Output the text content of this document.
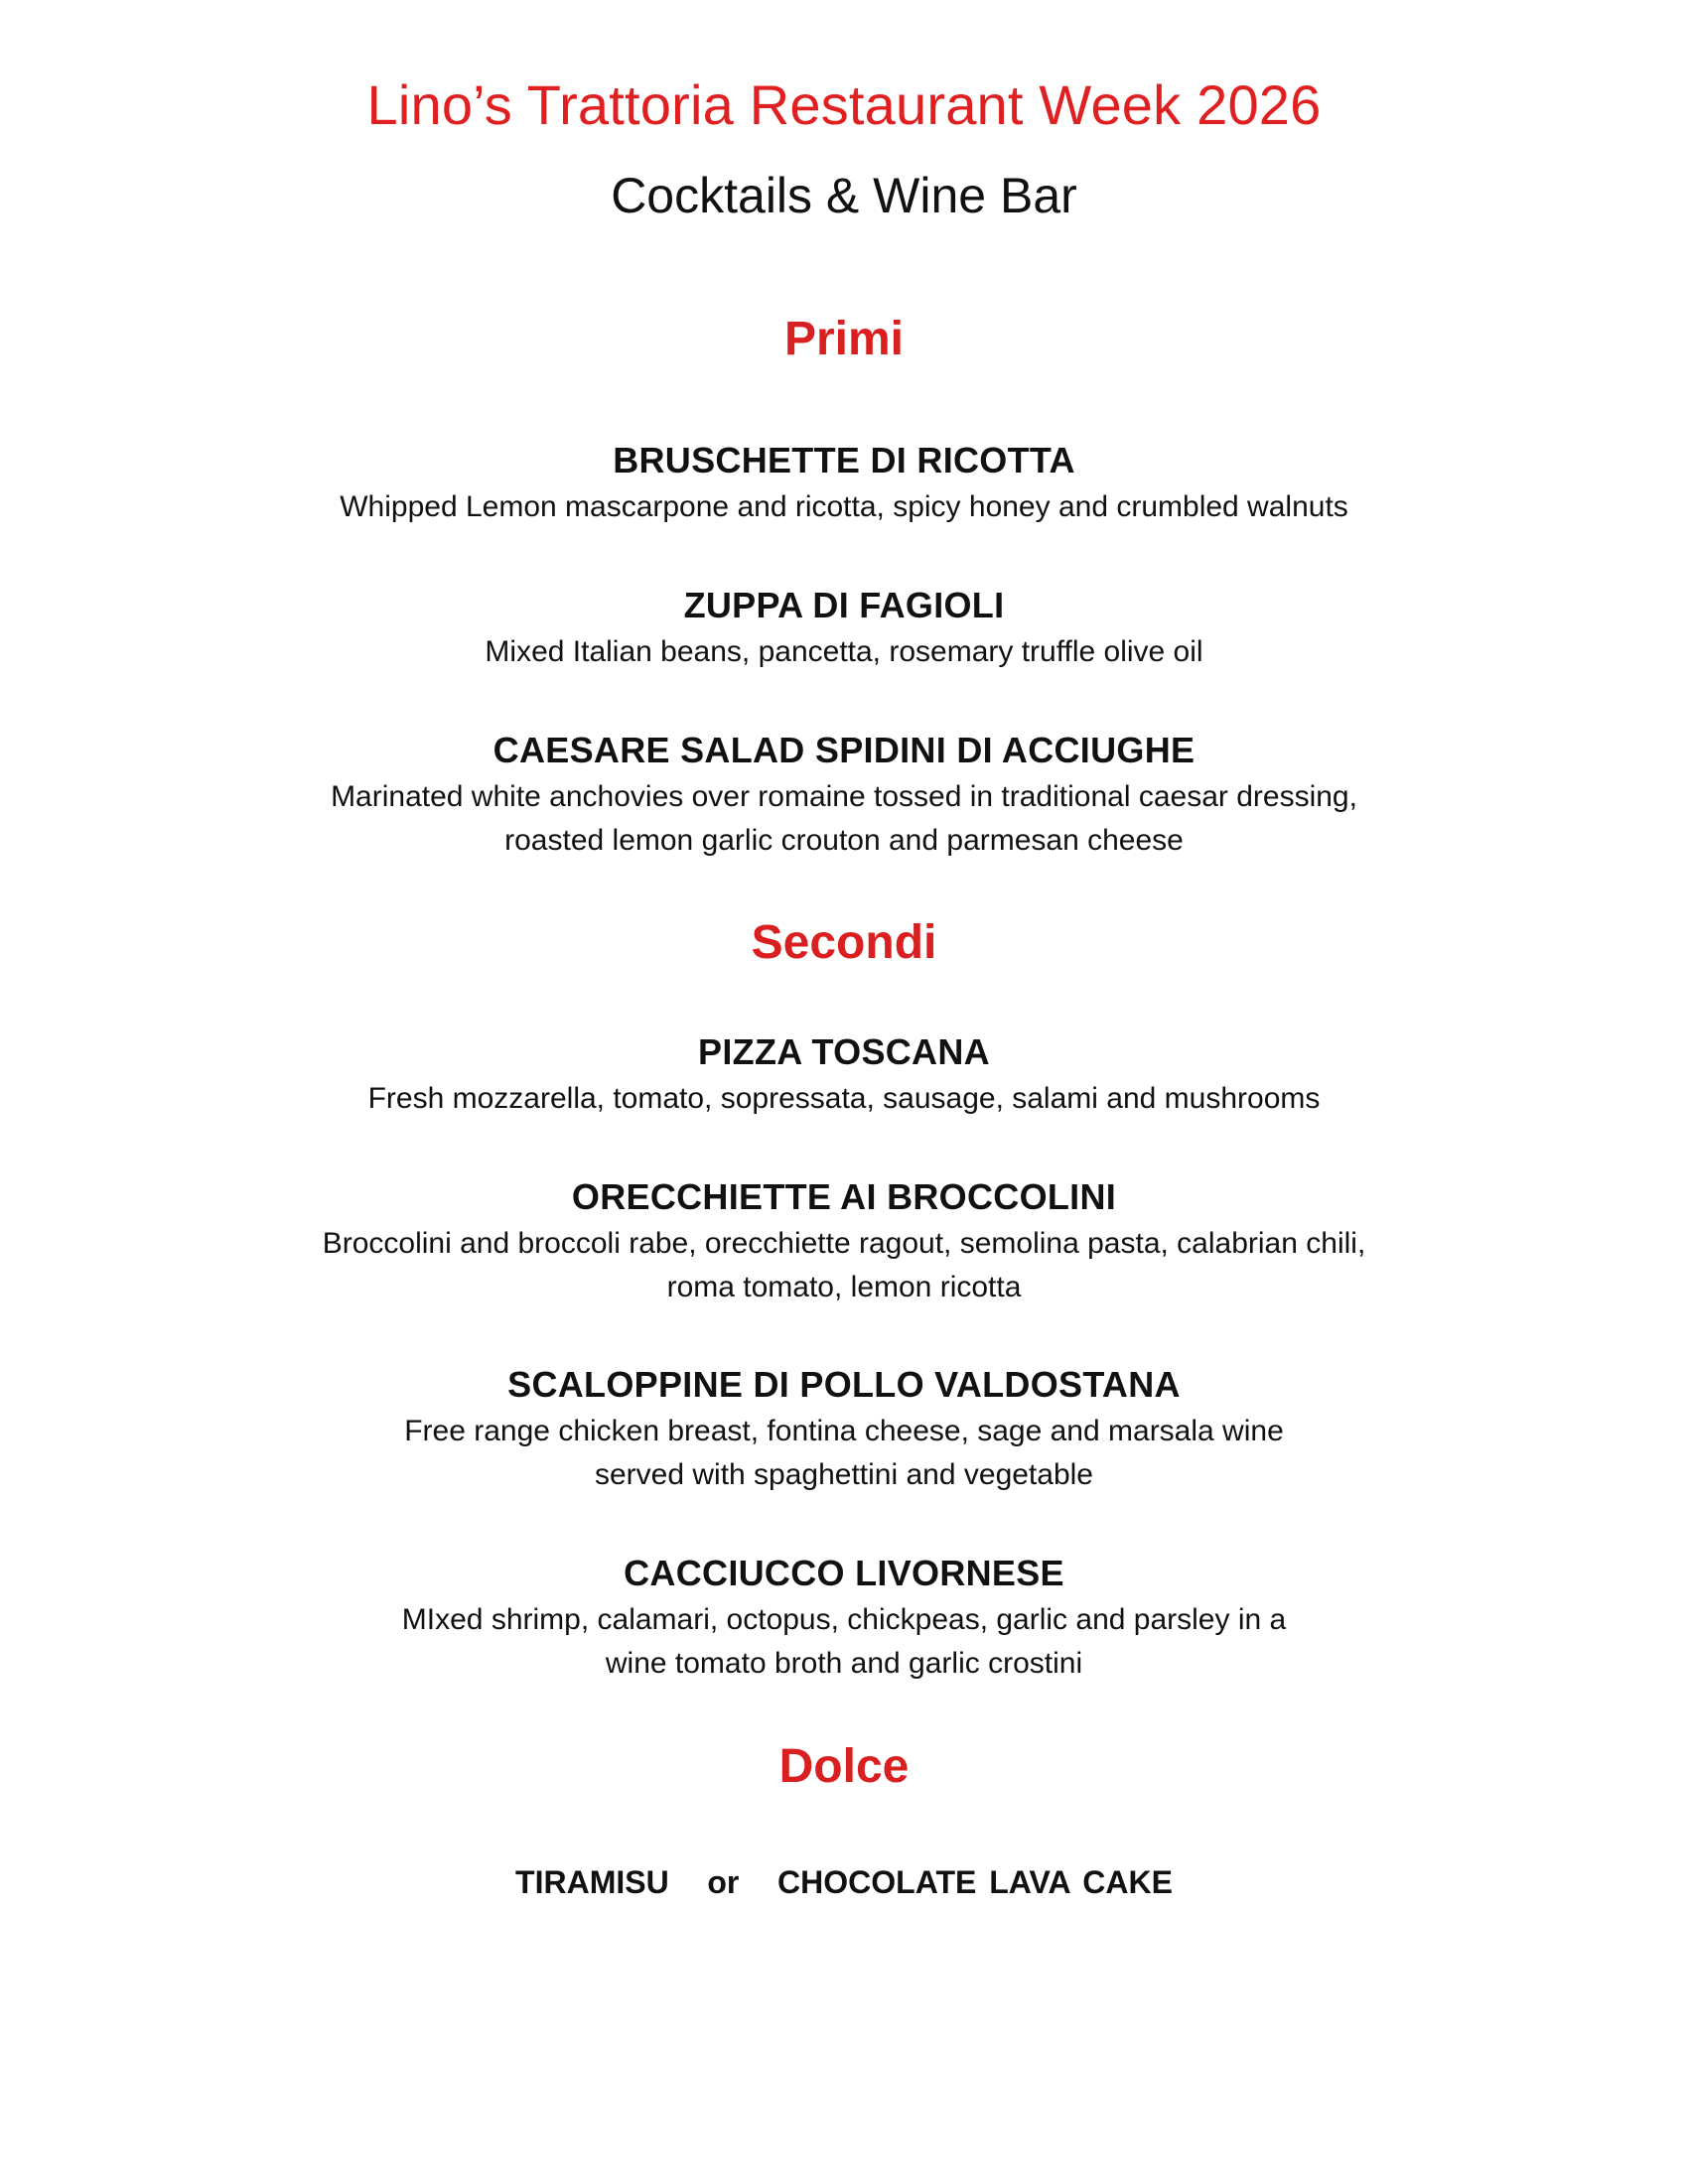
Lino’s Trattoria Restaurant Week 2026
Cocktails & Wine Bar
Primi
BRUSCHETTE DI RICOTTA
Whipped Lemon mascarpone and ricotta, spicy honey and crumbled walnuts
ZUPPA DI FAGIOLI
Mixed Italian beans, pancetta, rosemary truffle olive oil
CAESARE SALAD SPIDINI DI ACCIUGHE
Marinated white anchovies over romaine tossed in traditional caesar dressing,
roasted lemon garlic crouton and parmesan cheese
Secondi
PIZZA TOSCANA
Fresh mozzarella, tomato, sopressata, sausage, salami and mushrooms
ORECCHIETTE AI BROCCOLINI
Broccolini and broccoli rabe, orecchiette ragout, semolina pasta, calabrian chili,
roma tomato, lemon ricotta
SCALOPPINE DI POLLO VALDOSTANA
Free range chicken breast, fontina cheese, sage and marsala wine
served with spaghettini and vegetable
CACCIUCCO LIVORNESE
MIxed shrimp, calamari, octopus, chickpeas, garlic and parsley in a
wine tomato broth and garlic crostini
Dolce
TIRAMISU or CHOCOLATE LAVA CAKE
